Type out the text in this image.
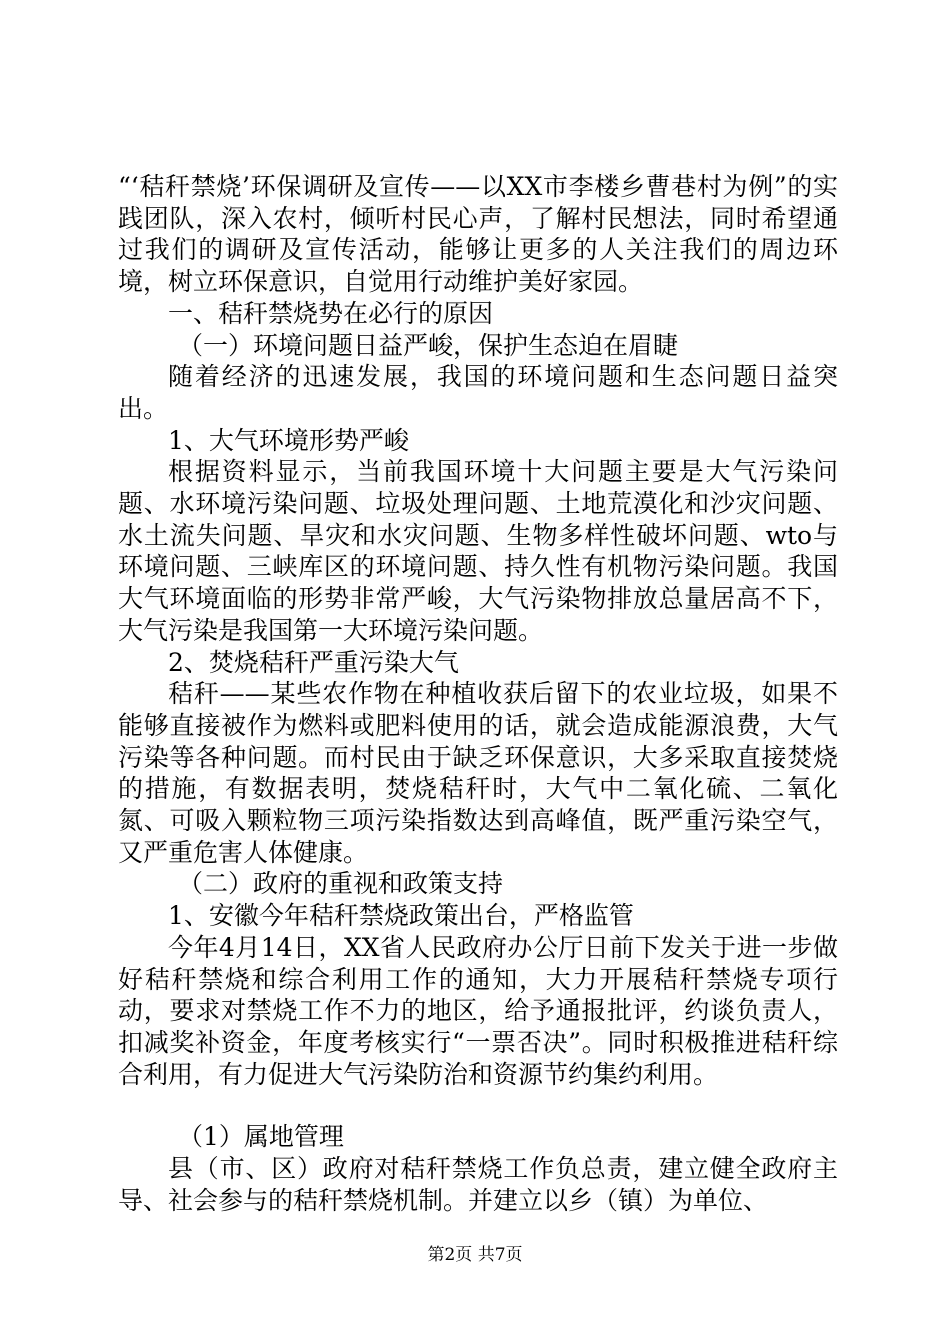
“‘秸秆禁烧’环保调研及宣传——以XX市李楼乡曹巷村为例”的实践团队，深入农村，倾听村民心声，了解村民想法，同时希望通过我们的调研及宣传活动，能够让更多的人关注我们的周边环境，树立环保意识，自觉用行动维护美好家园。

一、秸秆禁烧势在必行的原因

（一）环境问题日益严峻，保护生态迫在眉睫

随着经济的迅速发展，我国的环境问题和生态问题日益突出。

1、大气环境形势严峻

根据资料显示，当前我国环境十大问题主要是大气污染问题、水环境污染问题、垃圾处理问题、土地荒漠化和沙灾问题、水土流失问题、旱灾和水灾问题、生物多样性破坏问题、wto与环境问题、三峡库区的环境问题、持久性有机物污染问题。我国大气环境面临的形势非常严峻，大气污染物排放总量居高不下，大气污染是我国第一大环境污染问题。

2、焚烧秸秆严重污染大气

秸秆——某些农作物在种植收获后留下的农业垃圾，如果不能够直接被作为燃料或肥料使用的话，就会造成能源浪费，大气污染等各种问题。而村民由于缺乏环保意识，大多采取直接焚烧的措施，有数据表明，焚烧秸秆时，大气中二氧化硫、二氧化氮、可吸入颗粒物三项污染指数达到高峰值，既严重污染空气，又严重危害人体健康。

（二）政府的重视和政策支持

1、安徽今年秸秆禁烧政策出台，严格监管

今年4月14日，XX省人民政府办公厅日前下发关于进一步做好秸秆禁烧和综合利用工作的通知，大力开展秸秆禁烧专项行动，要求对禁烧工作不力的地区，给予通报批评，约谈负责人，扣减奖补资金，年度考核实行“一票否决”。同时积极推进秸秆综合利用，有力促进大气污染防治和资源节约集约利用。

（1）属地管理

县（市、区）政府对秸秆禁烧工作负总责，建立健全政府主导、社会参与的秸秆禁烧机制。并建立以乡（镇）为单位、

第2页 共7页
